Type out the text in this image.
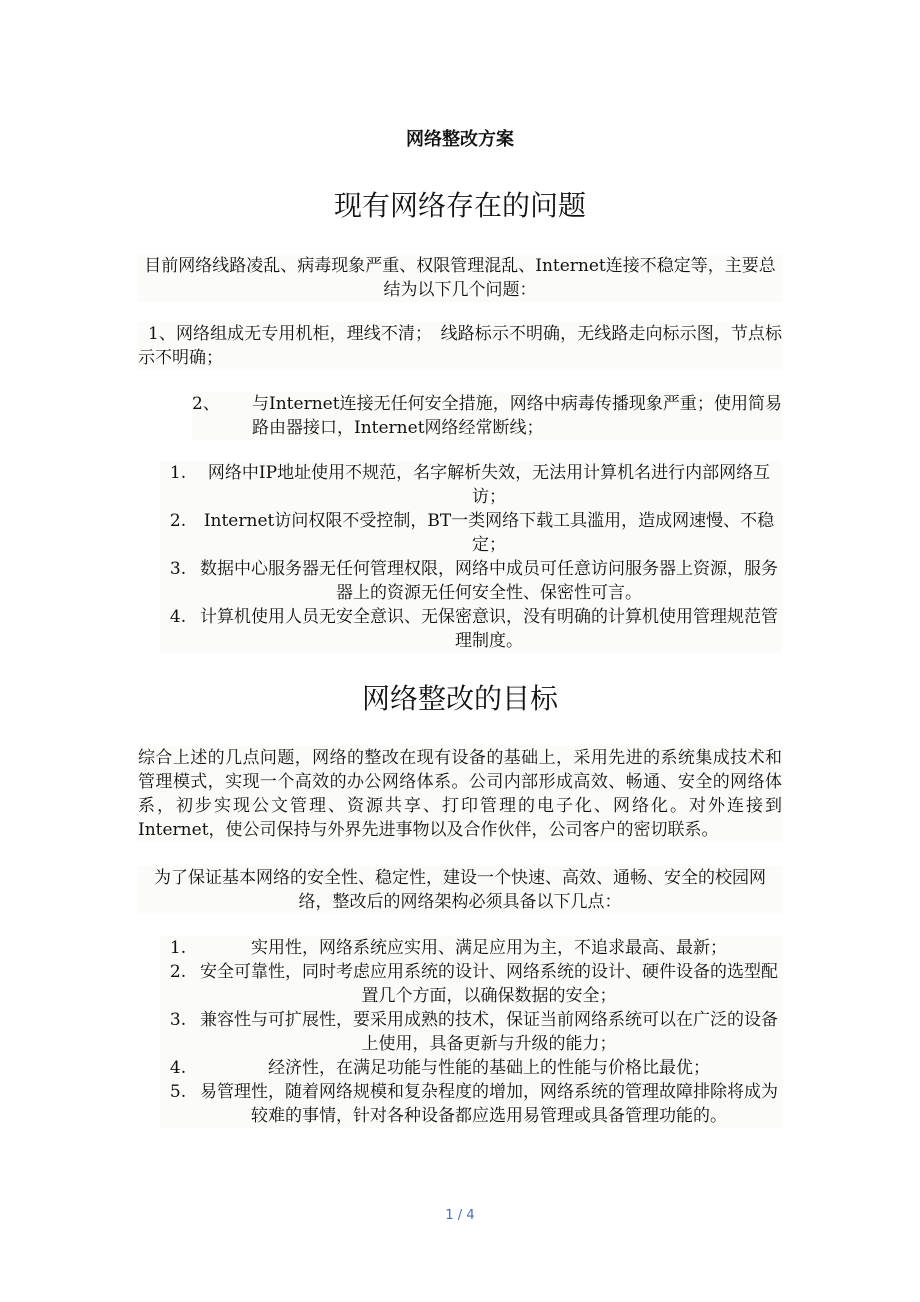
网络整改方案
现有网络存在的问题
目前网络线路凌乱、病毒现象严重、权限管理混乱、Internet连接不稳定等，主要总结为以下几个问题：
1、网络组成无专用机柜，理线不清；　线路标示不明确，无线路走向标示图，节点标示不明确；
2、	与Internet连接无任何安全措施，网络中病毒传播现象严重；使用简易路由器接口，Internet网络经常断线；
1.	网络中IP地址使用不规范，名字解析失效，无法用计算机名进行内部网络互访；
2.	Internet访问权限不受控制，BT一类网络下载工具滥用，造成网速慢、不稳定；
3. 数据中心服务器无任何管理权限，网络中成员可任意访问服务器上资源，服务器上的资源无任何安全性、保密性可言。
4. 计算机使用人员无安全意识、无保密意识，没有明确的计算机使用管理规范管理制度。
网络整改的目标
综合上述的几点问题，网络的整改在现有设备的基础上，采用先进的系统集成技术和管理模式，实现一个高效的办公网络体系。公司内部形成高效、畅通、安全的网络体系，初步实现公文管理、资源共享、打印管理的电子化、网络化。对外连接到Internet，使公司保持与外界先进事物以及合作伙伴，公司客户的密切联系。
为了保证基本网络的安全性、稳定性，建设一个快速、高效、通畅、安全的校园网络，整改后的网络架构必须具备以下几点：
1.	实用性，网络系统应实用、满足应用为主，不追求最高、最新；
2. 安全可靠性，同时考虑应用系统的设计、网络系统的设计、硬件设备的选型配置几个方面，以确保数据的安全；
3. 兼容性与可扩展性，要采用成熟的技术，保证当前网络系统可以在广泛的设备上使用，具备更新与升级的能力；
4.	经济性，在满足功能与性能的基础上的性能与价格比最优；
5. 易管理性，随着网络规模和复杂程度的增加，网络系统的管理故障排除将成为较难的事情，针对各种设备都应选用易管理或具备管理功能的。
1 / 4
